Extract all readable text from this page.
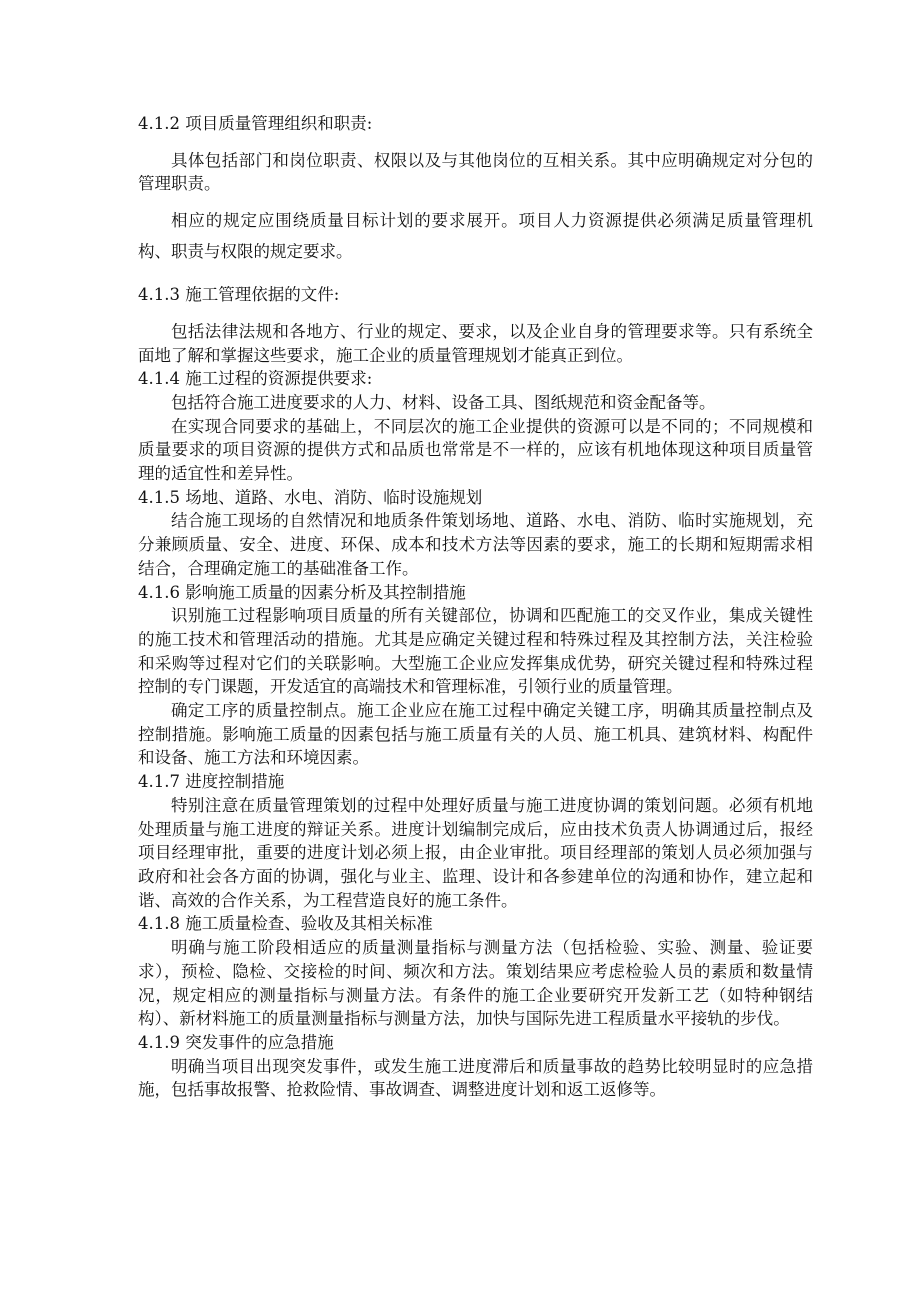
4.1.2 项目质量管理组织和职责:

具体包括部门和岗位职责、权限以及与其他岗位的互相关系。其中应明确规定对分包的管理职责。

相应的规定应围绕质量目标计划的要求展开。项目人力资源提供必须满足质量管理机构、职责与权限的规定要求。

4.1.3 施工管理依据的文件:

包括法律法规和各地方、行业的规定、要求，以及企业自身的管理要求等。只有系统全面地了解和掌握这些要求，施工企业的质量管理规划才能真正到位。

4.1.4 施工过程的资源提供要求:

包括符合施工进度要求的人力、材料、设备工具、图纸规范和资金配备等。

在实现合同要求的基础上，不同层次的施工企业提供的资源可以是不同的；不同规模和质量要求的项目资源的提供方式和品质也常常是不一样的，应该有机地体现这种项目质量管理的适宜性和差异性。

4.1.5 场地、道路、水电、消防、临时设施规划

结合施工现场的自然情况和地质条件策划场地、道路、水电、消防、临时实施规划，充分兼顾质量、安全、进度、环保、成本和技术方法等因素的要求，施工的长期和短期需求相结合，合理确定施工的基础准备工作。

4.1.6 影响施工质量的因素分析及其控制措施

识别施工过程影响项目质量的所有关键部位，协调和匹配施工的交叉作业，集成关键性的施工技术和管理活动的措施。尤其是应确定关键过程和特殊过程及其控制方法，关注检验和采购等过程对它们的关联影响。大型施工企业应发挥集成优势，研究关键过程和特殊过程控制的专门课题，开发适宜的高端技术和管理标准，引领行业的质量管理。

确定工序的质量控制点。施工企业应在施工过程中确定关键工序，明确其质量控制点及控制措施。影响施工质量的因素包括与施工质量有关的人员、施工机具、建筑材料、构配件和设备、施工方法和环境因素。

4.1.7 进度控制措施

特别注意在质量管理策划的过程中处理好质量与施工进度协调的策划问题。必须有机地处理质量与施工进度的辩证关系。进度计划编制完成后，应由技术负责人协调通过后，报经项目经理审批，重要的进度计划必须上报，由企业审批。项目经理部的策划人员必须加强与政府和社会各方面的协调，强化与业主、监理、设计和各参建单位的沟通和协作，建立起和谐、高效的合作关系，为工程营造良好的施工条件。

4.1.8 施工质量检查、验收及其相关标准

明确与施工阶段相适应的质量测量指标与测量方法（包括检验、实验、测量、验证要求），预检、隐检、交接检的时间、频次和方法。策划结果应考虑检验人员的素质和数量情况，规定相应的测量指标与测量方法。有条件的施工企业要研究开发新工艺（如特种钢结构）、新材料施工的质量测量指标与测量方法，加快与国际先进工程质量水平接轨的步伐。

4.1.9 突发事件的应急措施

明确当项目出现突发事件，或发生施工进度滞后和质量事故的趋势比较明显时的应急措施，包括事故报警、抢救险情、事故调查、调整进度计划和返工返修等。
